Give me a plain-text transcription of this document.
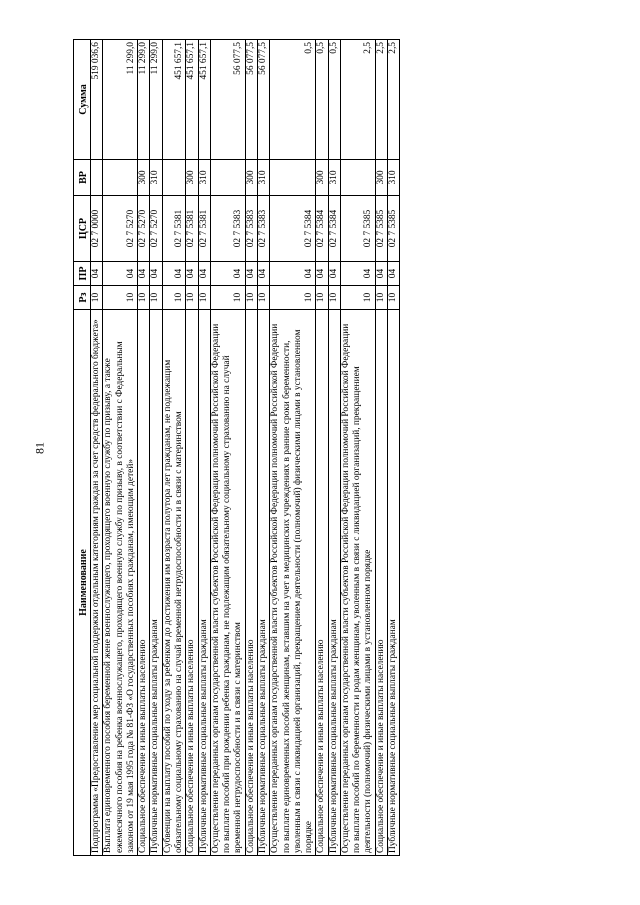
81
Наименование	Рз	ПР	ЦСР	ВР	Сумма
Подпрограмма «Предоставление мер социальной поддержки отдельным категориям граждан за счет средств федерального бюджета»	10	04	02 7 0000		519 036,6
Выплата единовременного пособия беременной жене военнослужащего, проходящего военную службу по призыву, а также ежемесячного пособия на ребенка военнослужащего, проходящего военную службу по призыву, в соответствии с Федеральным законом от 19 мая 1995 года № 81-ФЗ «О государственных пособиях гражданам, имеющим детей»	10	04	02 7 5270		11 299,0
Социальное обеспечение и иные выплаты населению	10	04	02 7 5270	300	11 299,0
Публичные нормативные социальные выплаты гражданам	10	04	02 7 5270	310	11 299,0
Субвенции на выплату пособий по уходу за ребенком до достижения им возраста полутора лет гражданам, не подлежащим обязательному социальному страхованию на случай временной нетрудоспособности и в связи с материнством	10	04	02 7 5381		451 657,1
Социальное обеспечение и иные выплаты населению	10	04	02 7 5381	300	451 657,1
Публичные нормативные социальные выплаты гражданам	10	04	02 7 5381	310	451 657,1
Осуществление переданных органам государственной власти субъектов Российской Федерации полномочий Российской Федерации по выплате пособий при рождении ребенка гражданам, не подлежащим обязательному социальному страхованию на случай временной нетрудоспособности и в связи с материнством	10	04	02 7 5383		56 077,5
Социальное обеспечение и иные выплаты населению	10	04	02 7 5383	300	56 077,5
Публичные нормативные социальные выплаты гражданам	10	04	02 7 5383	310	56 077,5
Осуществление переданных органам государственной власти субъектов Российской Федерации полномочий Российской Федерации по выплате единовременных пособий женщинам, вставшим на учет в медицинских учреждениях в ранние сроки беременности, уволенным в связи с ликвидацией организаций, прекращением деятельности (полномочий) физическими лицами в установленном порядке	10	04	02 7 5384		0,5
Социальное обеспечение и иные выплаты населению	10	04	02 7 5384	300	0,5
Публичные нормативные социальные выплаты гражданам	10	04	02 7 5384	310	0,5
Осуществление переданных органам государственной власти субъектов Российской Федерации полномочий Российской Федерации по выплате пособий по беременности и родам женщинам, уволенным в связи с ликвидацией организаций, прекращением деятельности (полномочий) физическими лицами в установленном порядке	10	04	02 7 5385		2,5
Социальное обеспечение и иные выплаты населению	10	04	02 7 5385	300	2,5
Публичные нормативные социальные выплаты гражданам	10	04	02 7 5385	310	2,5
